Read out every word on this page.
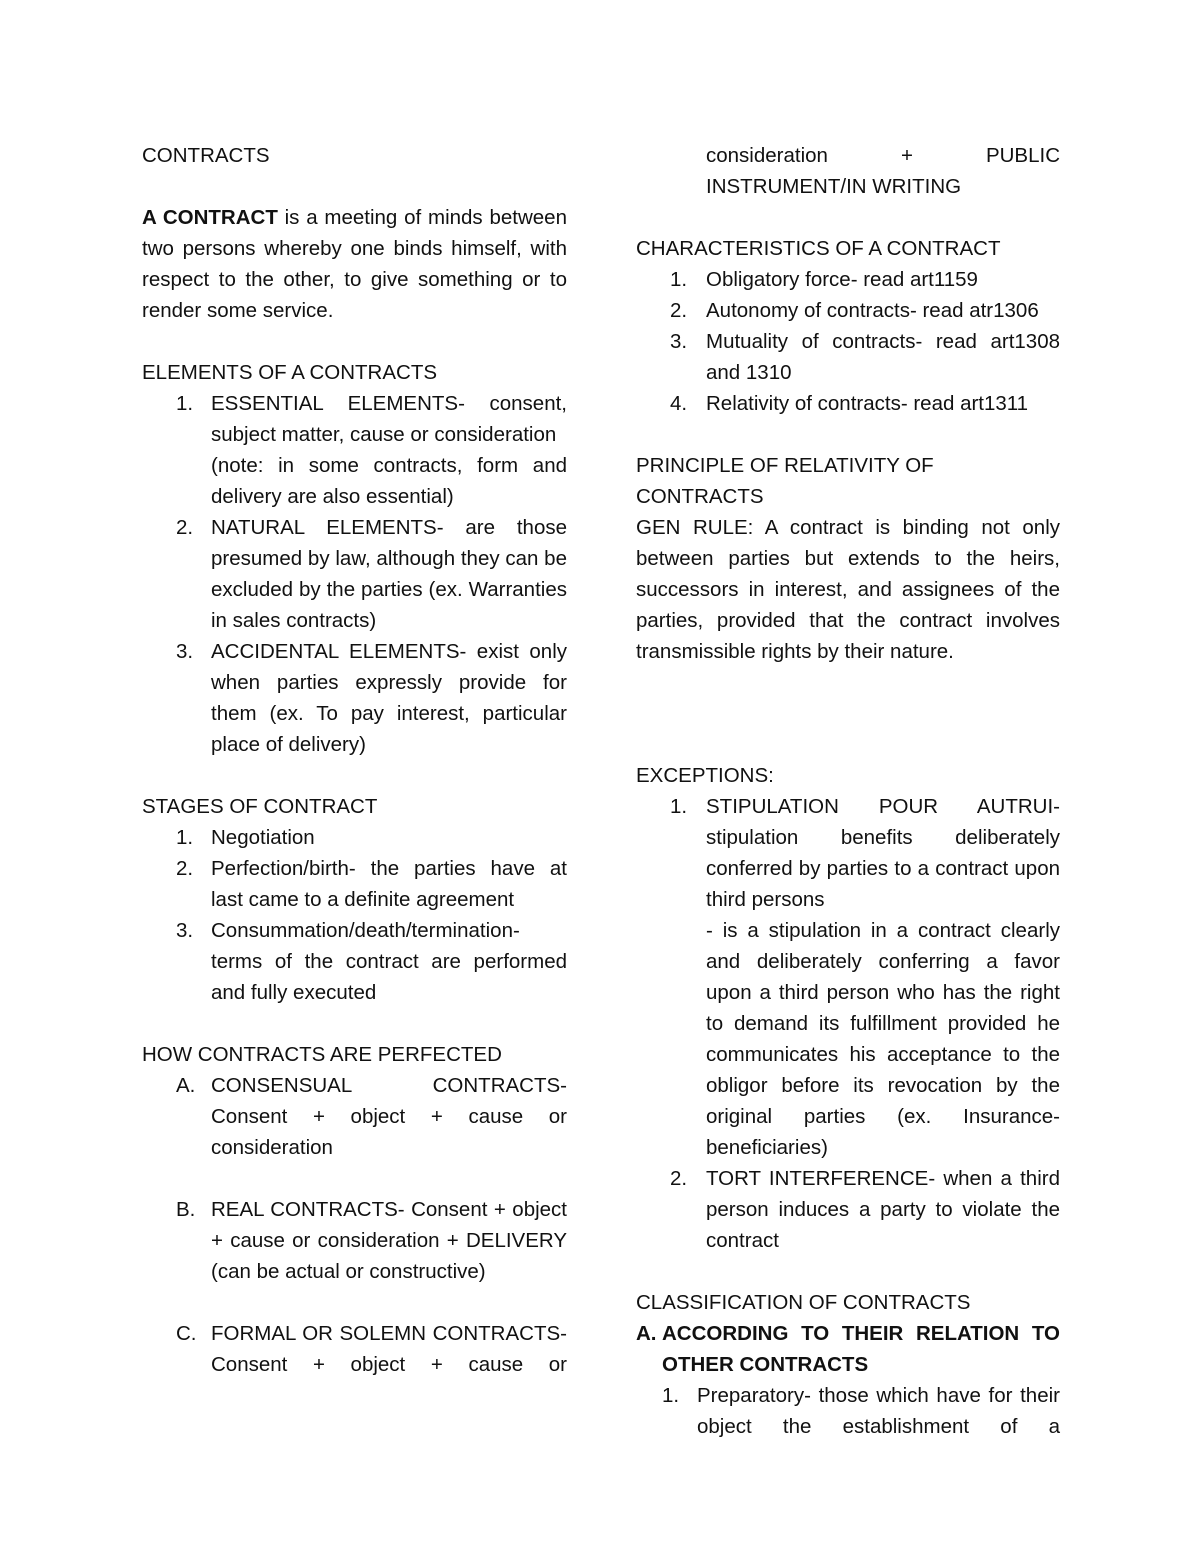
CONTRACTS

A CONTRACT is a meeting of minds between two persons whereby one binds himself, with respect to the other, to give something or to render some service.

ELEMENTS OF A CONTRACTS

1. ESSENTIAL ELEMENTS- consent, subject matter, cause or consideration

(note: in some contracts, form and delivery are also essential)

2. NATURAL ELEMENTS- are those presumed by law, although they can be excluded by the parties (ex. Warranties in sales contracts)

3. ACCIDENTAL ELEMENTS- exist only when parties expressly provide for them (ex. To pay interest, particular place of delivery)

STAGES OF CONTRACT

1. Negotiation

2. Perfection/birth- the parties have at last came to a definite agreement

3. Consummation/death/termination- terms of the contract are performed and fully executed

HOW CONTRACTS ARE PERFECTED

A. CONSENSUAL CONTRACTS- Consent + object + cause or consideration

B. REAL CONTRACTS- Consent + object + cause or consideration + DELIVERY (can be actual or constructive)

C. FORMAL OR SOLEMN CONTRACTS- Consent + object + cause or

consideration + PUBLIC

INSTRUMENT/IN WRITING

CHARACTERISTICS OF A CONTRACT

1. Obligatory force- read art1159

2. Autonomy of contracts- read atr1306

3. Mutuality of contracts- read art1308 and 1310

4. Relativity of contracts- read art1311

PRINCIPLE OF RELATIVITY OF CONTRACTS

GEN RULE: A contract is binding not only between parties but extends to the heirs, successors in interest, and assignees of the parties, provided that the contract involves transmissible rights by their nature.

EXCEPTIONS:

1. STIPULATION POUR AUTRUI- stipulation benefits deliberately conferred by parties to a contract upon third persons

- is a stipulation in a contract clearly and deliberately conferring a favor upon a third person who has the right to demand its fulfillment provided he communicates his acceptance to the obligor before its revocation by the original parties (ex. Insurance- beneficiaries)

2. TORT INTERFERENCE- when a third person induces a party to violate the contract

CLASSIFICATION OF CONTRACTS

A. ACCORDING TO THEIR RELATION TO

OTHER CONTRACTS

1. Preparatory- those which have for their object the establishment of a
